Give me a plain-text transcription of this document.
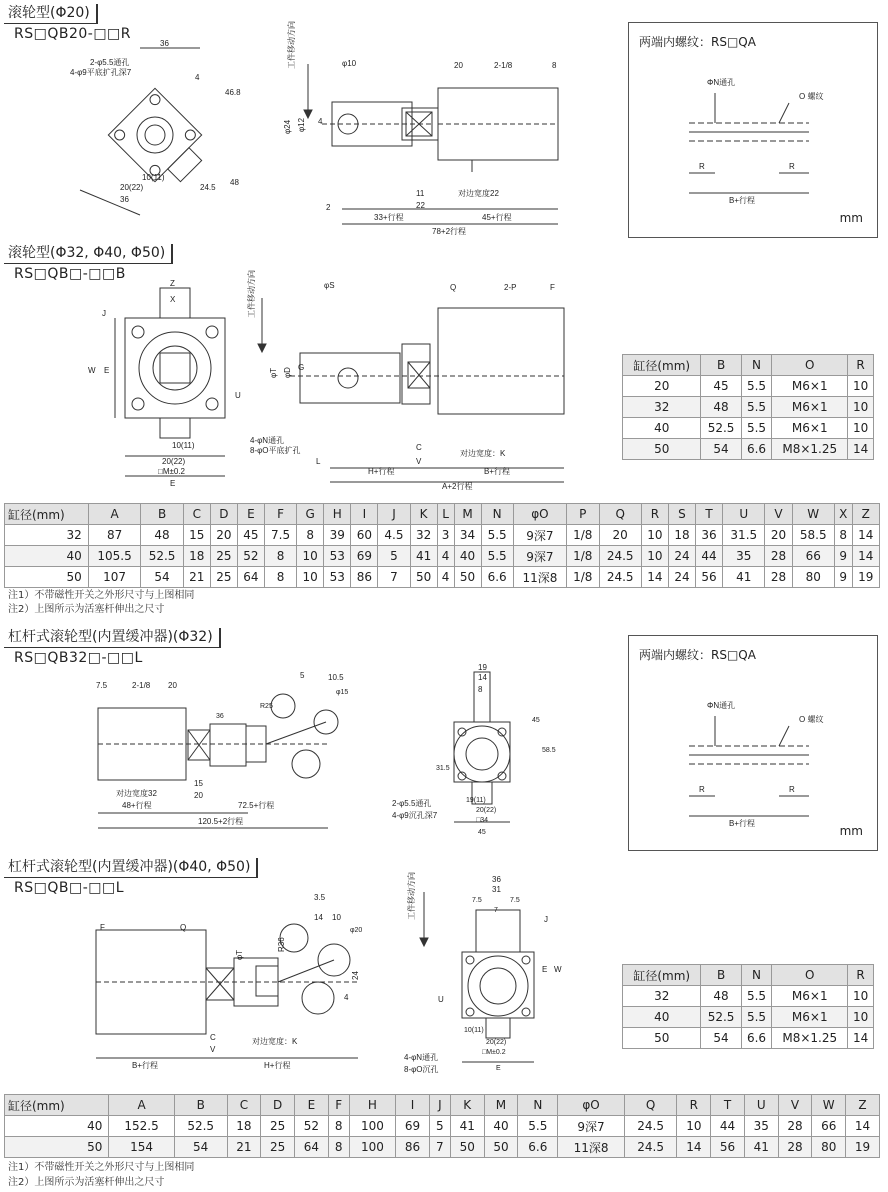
滚轮型(Φ20)
RS□QB20-□□R
36
2-φ5.5通孔
4-φ9平底扩孔深7
4
46.8
24.5
48
20(22)
10(11)
36
工件移动方向	φ10
φ24 φ12 4
2
11
22
对边宽度22
33+行程	45+行程
78+2行程
20	2-1/8	8
两端内螺纹：RS□QA
ΦN通孔
O 螺纹
R	R
B+行程
mm
滚轮型(Φ32, Φ40, Φ50)
RS□QB□-□□B
Z
X
J
W E
U
4-φN通孔
8-φO平底扩孔
10(11)
20(22)
□M±0.2
E
工件移动方向	φS
φT φD G
L
C
V
对边宽度：K
H+行程	B+行程
A+2行程
Q	2-P	F
缸径(mm)	B	N	O	R
20	45	5.5	M6×1	10
32	48	5.5	M6×1	10
40	52.5	5.5	M6×1	10
50	54	6.6	M8×1.25	14
缸径(mm)	A	B	C	D	E	F	G	H	I	J	K	L	M	N	φO	P	Q	R	S	T	U	V	W	X	Z
32	87	48	15	20	45	7.5	8	39	60	4.5	32	3	34	5.5	9深7	1/8	20	10	18	36	31.5	20	58.5	8	14
40	105.5	52.5	18	25	52	8	10	53	69	5	41	4	40	5.5	9深7	1/8	24.5	10	24	44	35	28	66	9	14
50	107	54	21	25	64	8	10	53	86	7	50	4	50	6.6	11深8	1/8	24.5	14	24	56	41	28	80	9	19
注1）不带磁性开关之外形尺寸与上图相同
注2）上图所示为活塞杆伸出之尺寸
杠杆式滚轮型(内置缓冲器)(Φ32)
RS□QB32□-□□L
7.5	2-1/8 20
R25
5	10.5
φ15
36
对边宽度32
48+行程
15
20
72.5+行程
120.5+2行程
19
14
8
45
58.5
31.5
2-φ5.5通孔
4-φ9沉孔深7
19(11)
20(22)
□34
45
两端内螺纹：RS□QA
ΦN通孔
O 螺纹
R	R
B+行程
mm
杠杆式滚轮型(内置缓冲器)(Φ40, Φ50)
RS□QB□-□□L
F	Q
φT
3.5
14 10
φ20
R36
24
4
C
V
对边宽度：K
B+行程	H+行程
工件移动方向	36
31
7.5	7.5
7
J
E W
U
10(11)
20(22)
□M±0.2
E
4-φN通孔
8-φO沉孔
缸径(mm)	B	N	O	R
32	48	5.5	M6×1	10
40	52.5	5.5	M6×1	10
50	54	6.6	M8×1.25	14
缸径(mm)	A	B	C	D	E	F	H	I	J	K	M	N	φO	Q	R	T	U	V	W	Z
40	152.5	52.5	18	25	52	8	100	69	5	41	40	5.5	9深7	24.5	10	44	35	28	66	14
50	154	54	21	25	64	8	100	86	7	50	50	6.6	11深8	24.5	14	56	41	28	80	19
注1）不带磁性开关之外形尺寸与上图相同
注2）上图所示为活塞杆伸出之尺寸
